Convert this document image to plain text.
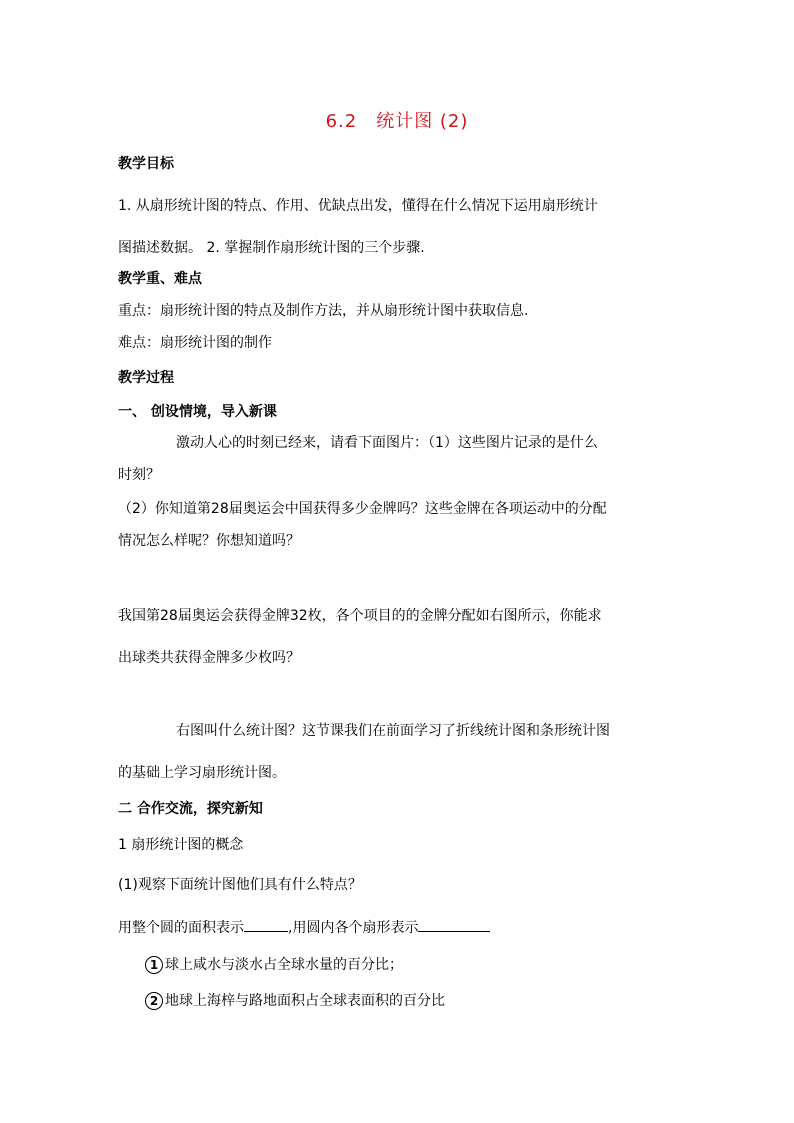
6.2　统计图 (2)
教学目标
1. 从扇形统计图的特点、作用、优缺点出发，懂得在什么情况下运用扇形统计
图描述数据。 2. 掌握制作扇形统计图的三个步骤.
教学重、难点
重点：扇形统计图的特点及制作方法，并从扇形统计图中获取信息.
难点：扇形统计图的制作
教学过程
一、 创设情境，导入新课
激动人心的时刻已经来，请看下面图片：（1）这些图片记录的是什么
时刻？
（2）你知道第28届奥运会中国获得多少金牌吗？这些金牌在各项运动中的分配
情况怎么样呢？你想知道吗？
我国第28届奥运会获得金牌32枚，各个项目的的金牌分配如右图所示，你能求
出球类共获得金牌多少枚吗？
右图叫什么统计图？这节课我们在前面学习了折线统计图和条形统计图
的基础上学习扇形统计图。
二 合作交流，探究新知
1 扇形统计图的概念
(1)观察下面统计图他们具有什么特点？
用整个圆的面积表示	,用圆内各个扇形表示
1 球上咸水与淡水占全球水量的百分比；
2 地球上海梓与路地面积占全球表面积的百分比
